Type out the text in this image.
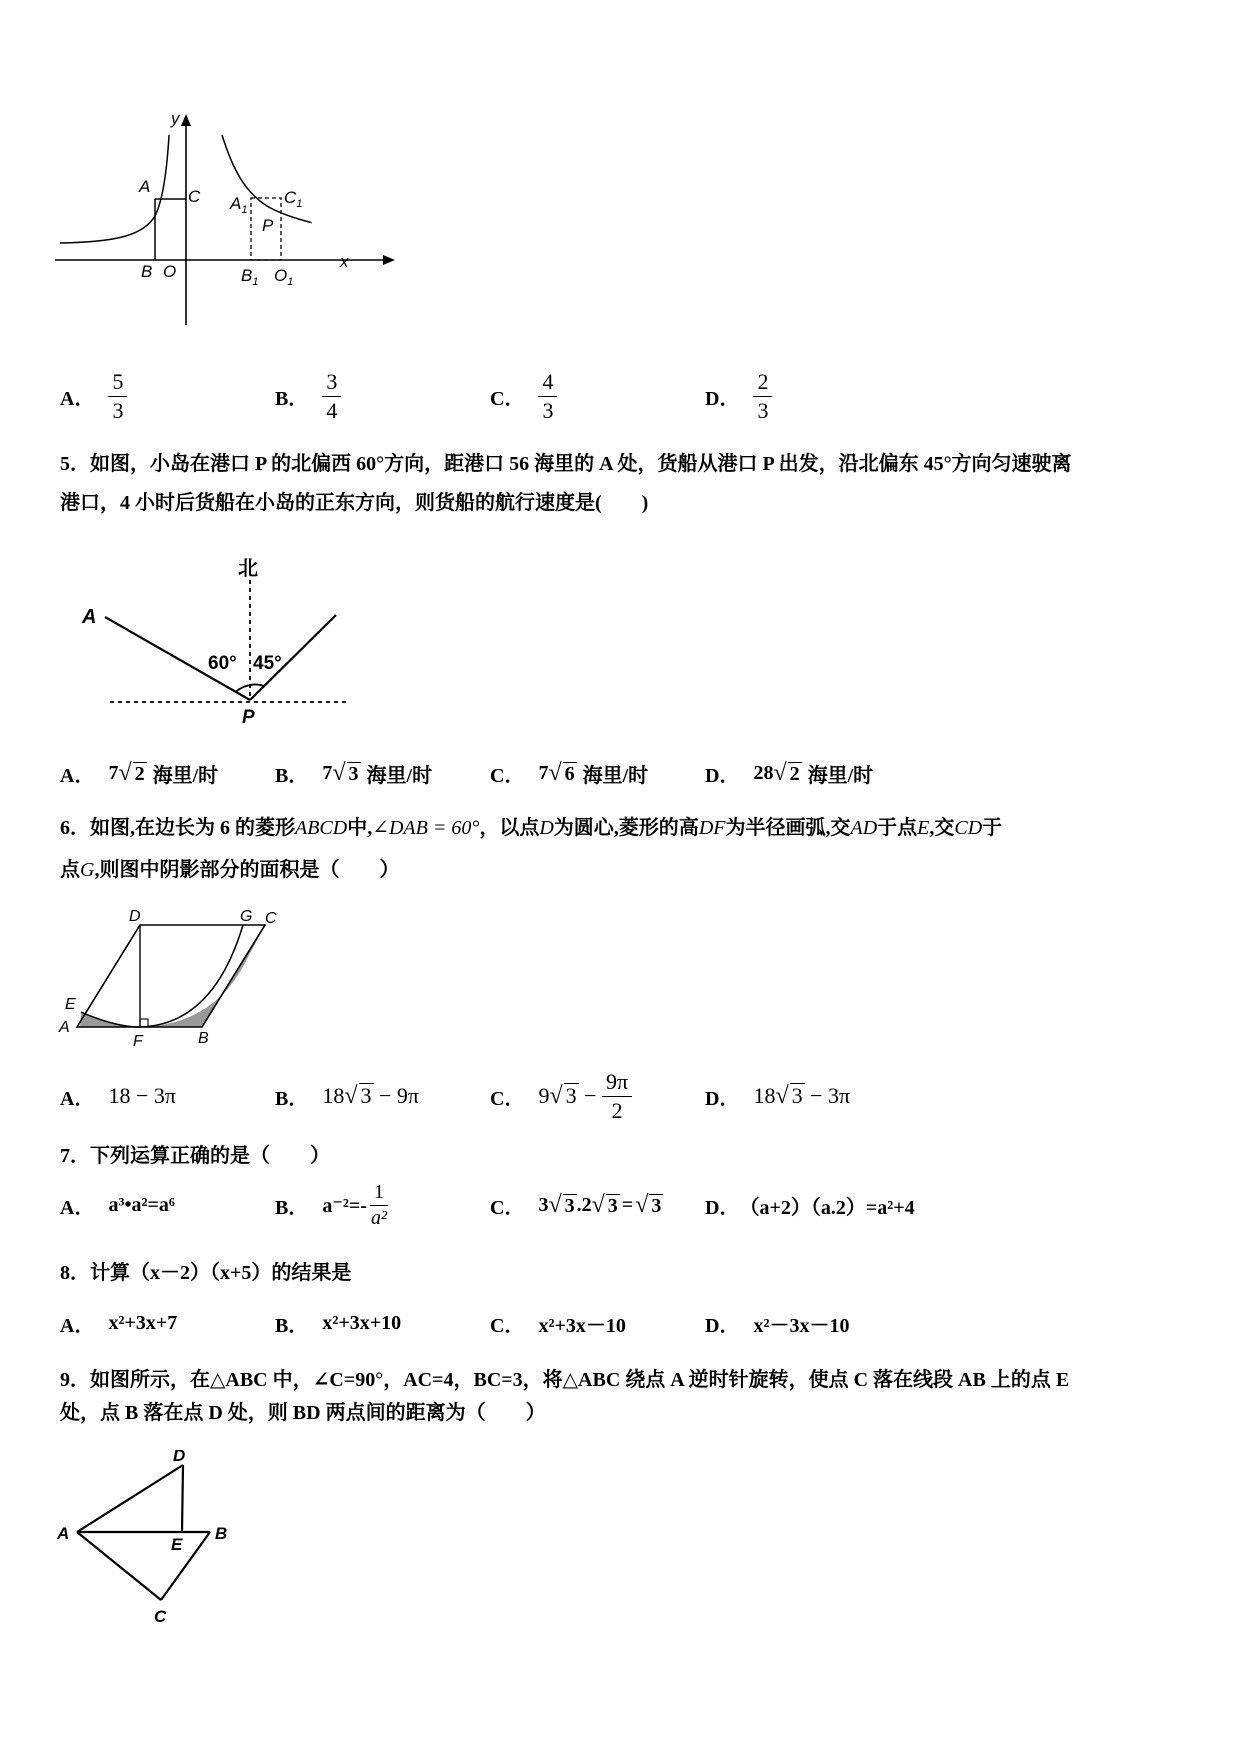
y
x
A
C
B O
$A_1$
$C_1$
P
$B_1$ $O_1$
A． $\frac{5}{3}$	B． $\frac{3}{4}$	C． $\frac{4}{3}$	D． $\frac{2}{3}$

5．如图，小岛在港口 P 的北偏西 60°方向，距港口 56 海里的 A 处，货船从港口 P 出发，沿北偏东 45°方向匀速驶离

港口，4 小时后货船在小岛的正东方向，则货船的航行速度是(　　)

北
A
60° 45°
P
A． 7 √ 2 海里/时	B． 7 √ 3 海里/时	C． 7 √ 6 海里/时	D． 28 √ 2 海里/时

6．如图,在边长为 6 的菱形ABCD中,∠DAB = 60°，以点D为圆心,菱形的高DF为半径画弧,交AD于点E,交CD于

点G,则图中阴影部分的面积是（　　）

D	G C
E
A
F	B
A． 18 − 3π	B． 18 √ 3 − 9π	C． 9 √ $3 - \frac{9\pi}{2}$	D． 18 √ 3 − 3π

7．下列运算正确的是（　　）

A． a³•a²=a⁶	B． $a^{-2}=- \frac{1}{\text{a²}}$	C． 3 √ 3 .2 √ 3 = √ 3 D． （a+2）（a.2）=a²+4

8．计算（x－2）（x+5）的结果是

A． x²+3x+7	B． x²+3x+10	C． x²+3x－10	D． x²－3x－10

9．如图所示，在△ABC 中，∠C=90°，AC=4，BC=3，将△ABC 绕点 A 逆时针旋转，使点 C 落在线段 AB 上的点 E

处，点 B 落在点 D 处，则 BD 两点间的距离为（　　）

D
A
E
B
C
